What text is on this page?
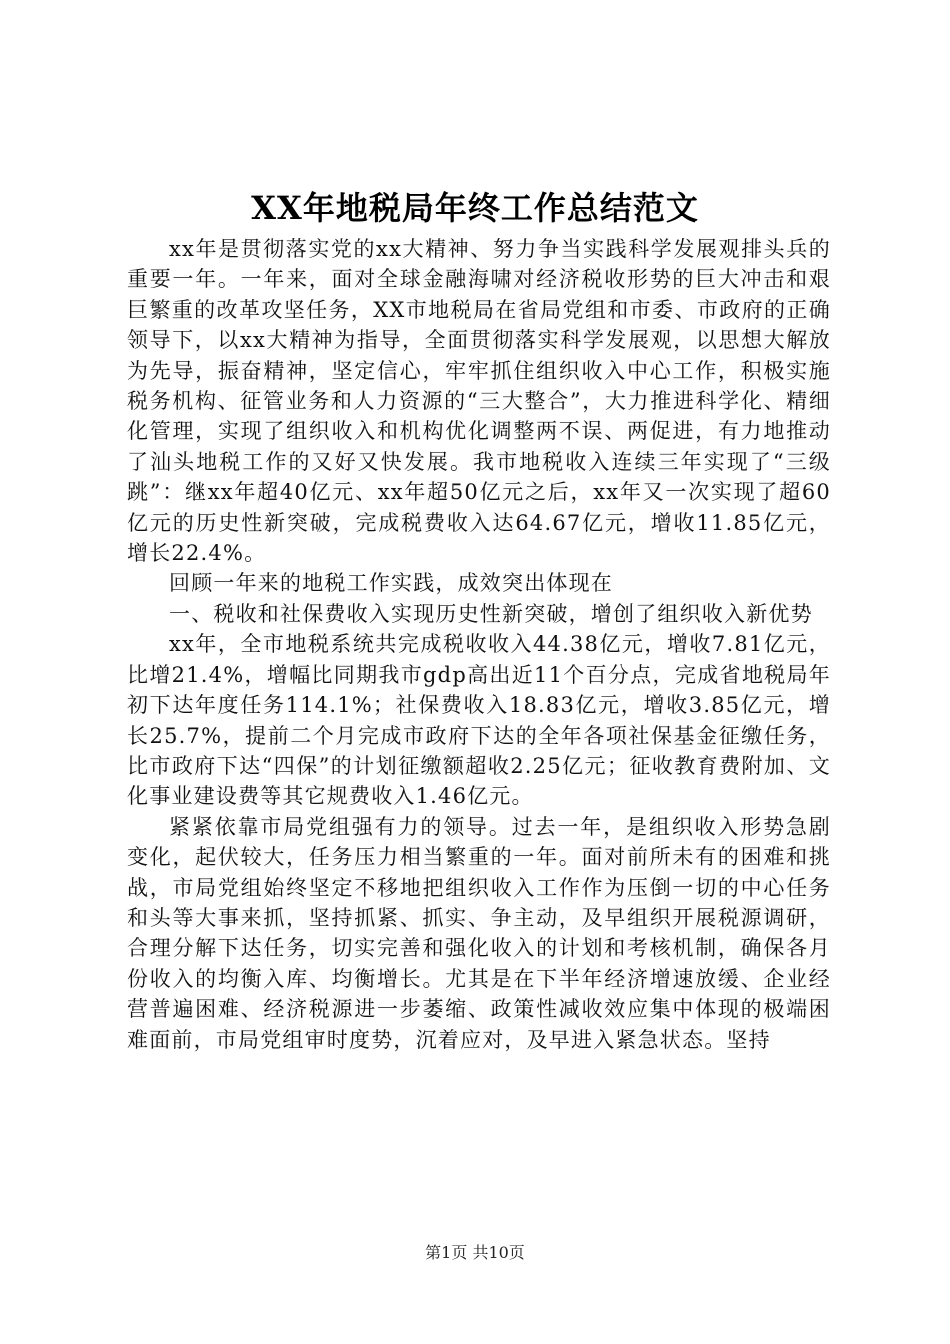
XX年地税局年终工作总结范文

xx年是贯彻落实党的xx大精神、努力争当实践科学发展观排头兵的重要一年。一年来，面对全球金融海啸对经济税收形势的巨大冲击和艰巨繁重的改革攻坚任务，XX市地税局在省局党组和市委、市政府的正确领导下，以xx大精神为指导，全面贯彻落实科学发展观，以思想大解放为先导，振奋精神，坚定信心，牢牢抓住组织收入中心工作，积极实施税务机构、征管业务和人力资源的“三大整合”，大力推进科学化、精细化管理，实现了组织收入和机构优化调整两不误、两促进，有力地推动了汕头地税工作的又好又快发展。我市地税收入连续三年实现了“三级跳”：继xx年超40亿元、xx年超50亿元之后，xx年又一次实现了超60亿元的历史性新突破，完成税费收入达64.67亿元，增收11.85亿元，增长22.4%。

回顾一年来的地税工作实践，成效突出体现在

一、税收和社保费收入实现历史性新突破，增创了组织收入新优势

xx年，全市地税系统共完成税收收入44.38亿元，增收7.81亿元，比增21.4%，增幅比同期我市gdp高出近11个百分点，完成省地税局年初下达年度任务114.1%；社保费收入18.83亿元，增收3.85亿元，增长25.7%，提前二个月完成市政府下达的全年各项社保基金征缴任务，比市政府下达“四保”的计划征缴额超收2.25亿元；征收教育费附加、文化事业建设费等其它规费收入1.46亿元。

紧紧依靠市局党组强有力的领导。过去一年，是组织收入形势急剧变化，起伏较大，任务压力相当繁重的一年。面对前所未有的困难和挑战，市局党组始终坚定不移地把组织收入工作作为压倒一切的中心任务和头等大事来抓，坚持抓紧、抓实、争主动，及早组织开展税源调研，合理分解下达任务，切实完善和强化收入的计划和考核机制，确保各月份收入的均衡入库、均衡增长。尤其是在下半年经济增速放缓、企业经营普遍困难、经济税源进一步萎缩、政策性减收效应集中体现的极端困难面前，市局党组审时度势，沉着应对，及早进入紧急状态。坚持

第1页 共10页
